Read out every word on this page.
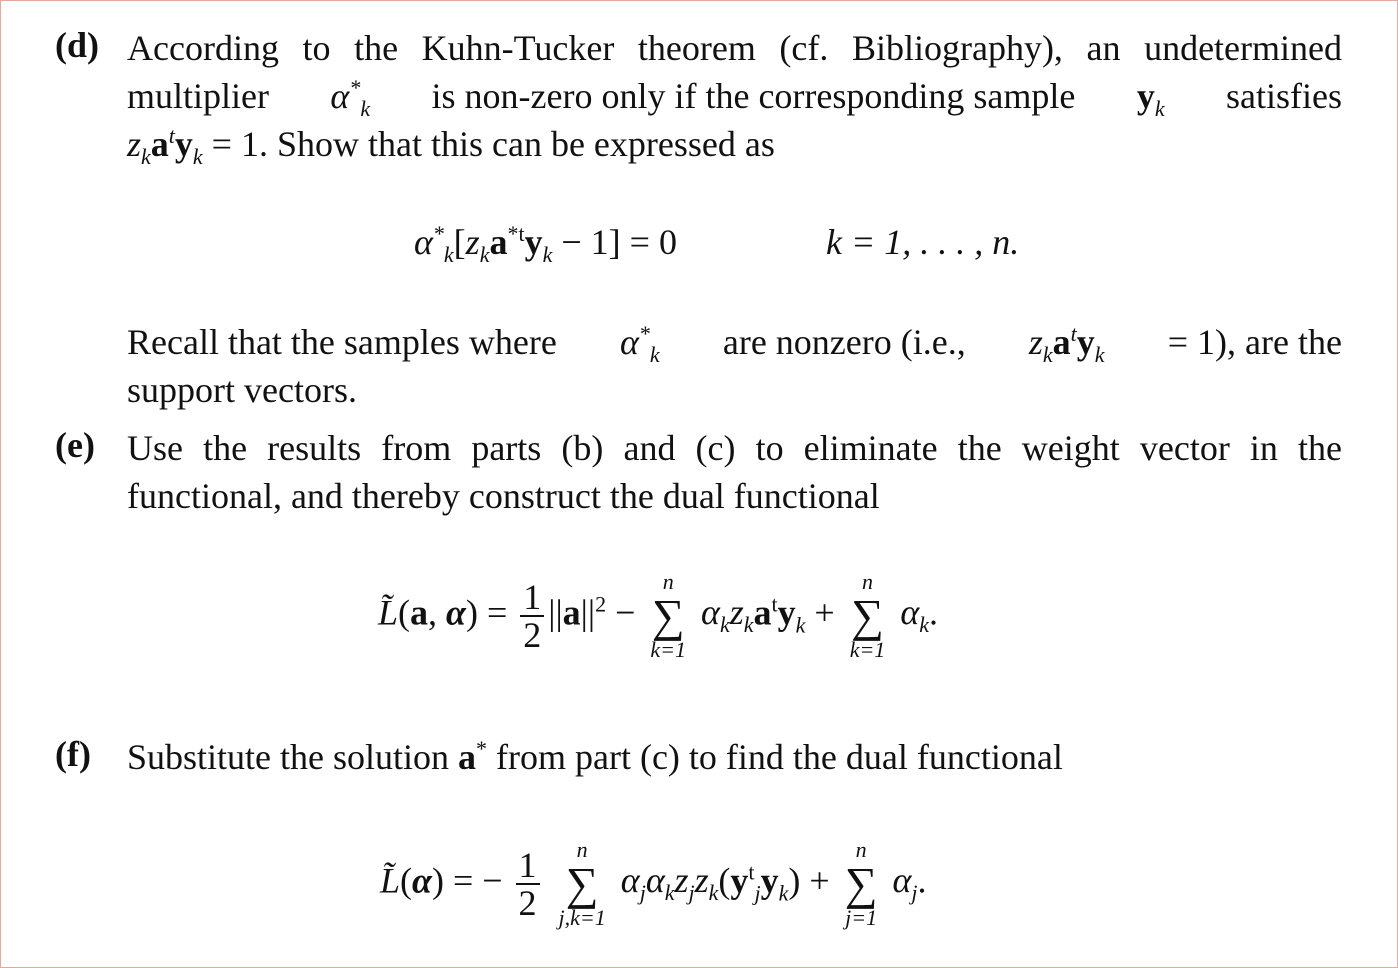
(d) According to the Kuhn-Tucker theorem (cf. Bibliography), an undetermined
multiplier $\alpha^*_k$ is non-zero only if the corresponding sample $y_k$ satisfies
$z_ka^ty_k = 1$. Show that this can be expressed as
$\alpha^*_k[z_ka^{*t}y_k - 1] = 0$	k = 1, . . . , n.
Recall that the samples where $\alpha^*_k$ are nonzero (i.e., $z_ka^ty_k = 1$), are the
support vectors.
(e) Use the results from parts (b) and (c) to eliminate the weight vector in the
functional, and thereby construct the dual functional
L̃(a, $\alpha) = \frac{1}{2} ||a||^2$ −
n
∑
k=1
$\alpha_kz_ka^ty_k$ +
n
∑
k=1
$\alpha_k$.
(f) Substitute the solution a* from part (c) to find the dual functional
L̃(α) = − $\frac{1}{2}$
	n
∑
j,k=1
$\alpha_j\alpha_kz_jz_k(y^t_jy_k)$ +
n
∑
j=1
$\alpha_j$.
